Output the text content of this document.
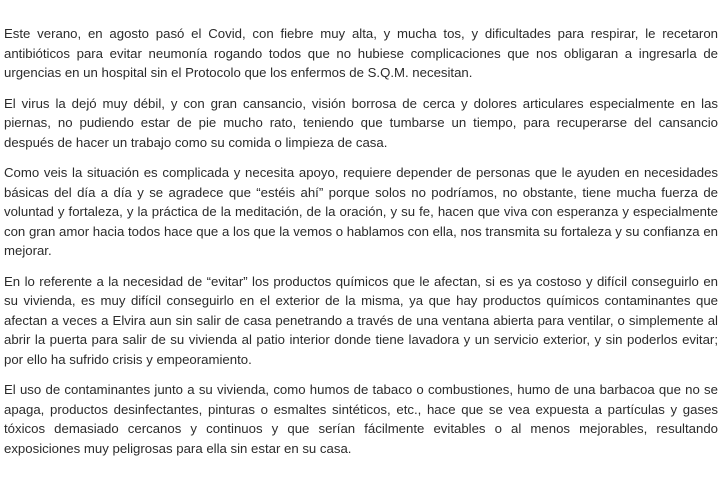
Este verano, en agosto pasó el Covid, con fiebre muy alta, y mucha tos, y dificultades para respirar, le recetaron antibióticos para evitar neumonía rogando todos que no hubiese complicaciones que nos obligaran a ingresarla de urgencias en un hospital sin el Protocolo que los enfermos de S.Q.M. necesitan.

El virus la dejó muy débil, y con gran cansancio, visión borrosa de cerca y dolores articulares especialmente en las piernas, no pudiendo estar de pie mucho rato, teniendo que tumbarse un tiempo, para recuperarse del cansancio después de hacer un trabajo como su comida o limpieza de casa.

Como veis la situación es complicada y necesita apoyo, requiere depender de personas que le ayuden en necesidades básicas del día a día y se agradece que “estéis ahí” porque solos no podríamos, no obstante, tiene mucha fuerza de voluntad y fortaleza, y la práctica de la meditación, de la oración, y su fe, hacen que viva con esperanza y especialmente con gran amor hacia todos hace que a los que la vemos o hablamos con ella, nos transmita su fortaleza y su confianza en mejorar.

En lo referente a la necesidad de “evitar” los productos químicos que le afectan, si es ya costoso y difícil conseguirlo en su vivienda, es muy difícil conseguirlo en el exterior de la misma, ya que hay productos químicos contaminantes que afectan a veces a Elvira aun sin salir de casa penetrando a través de una ventana abierta para ventilar, o simplemente al abrir la puerta para salir de su vivienda al patio interior donde tiene lavadora y un servicio exterior, y sin poderlos evitar; por ello ha sufrido crisis y empeoramiento.

El uso de contaminantes junto a su vivienda, como humos de tabaco o combustiones, humo de una barbacoa que no se apaga, productos desinfectantes, pinturas o esmaltes sintéticos, etc., hace que se vea expuesta a partículas y gases tóxicos demasiado cercanos y continuos y que serían fácilmente evitables o al menos mejorables, resultando exposiciones muy peligrosas para ella sin estar en su casa.
